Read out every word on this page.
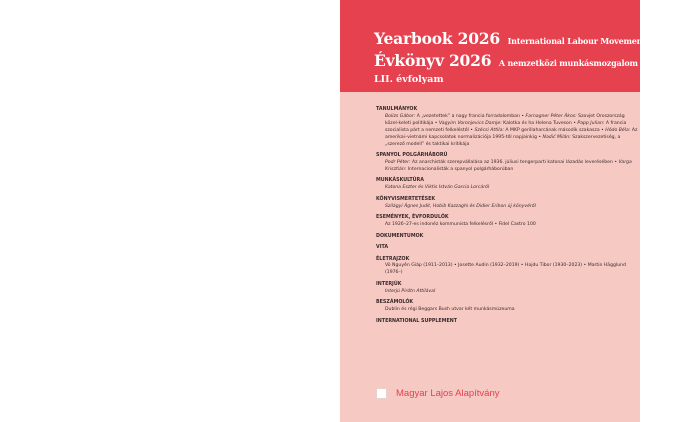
Yearbook 2026 International Labour Movement
Évkönyv 2026 A nemzetközi munkásmozgalom történetéből
LII. évfolyam
TANULMÁNYOK
Bolizs Gábor: A „vezetettek” a nagy francia forradalomban • Farnagner Péter Ákos: Szovjet Oroszország közel-keleti politikája • Vagyim Voronjevics Damje: Kalotka és ha Helena Tuveson • Papp Julian: A francia szocialista párt a nemzeti felkeléstől • Szécsi Attila: A MKP gerillaharcának második szakasza • Hódo Béla: Az amerikai–vietnámi kapcsolatok normalizációja 1995-től napjainkig • Nadić Milán: Szakszervezetiség, a „szerező modell” és taktikai kritikája
SPANYOL POLGÁRHÁBORÚ
Podr Péter: Az anarchisták szerepvállalása az 1936. júliusi tengerparti katonai lázadás leverésében • Varga Krisztián: Internacionalisták a spanyol polgárháborúban
MUNKÁSKULTÚRA
Katona Eszter és Viktis István Garcia Lorcáról
KÖNYVISMERTETÉSEK
Szilágyi Ágnes Judit, Hobib Kazzaghi és Didier Eribon új könyvéről
ESEMÉNYEK, ÉVFORDULÓK
Az 1926–27-es indonéz kommunista felkelésről • Fidel Castro 100
DOKUMENTUMOK
VITA
ÉLETRAJZOK
Võ Nguyên Giáp (1911–2013) • Josette Audin (1932–2019) • Hajdu Tibor (1930–2023) • Martin Hägglund (1976–)
INTERJÚK
Interjú Pirótn Attilával
BESZÁMOLÓK
Dublin és régi Beggars Bush utvar két munkásmúzeuma
INTERNATIONAL SUPPLEMENT
Magyar Lajos Alapítvány
